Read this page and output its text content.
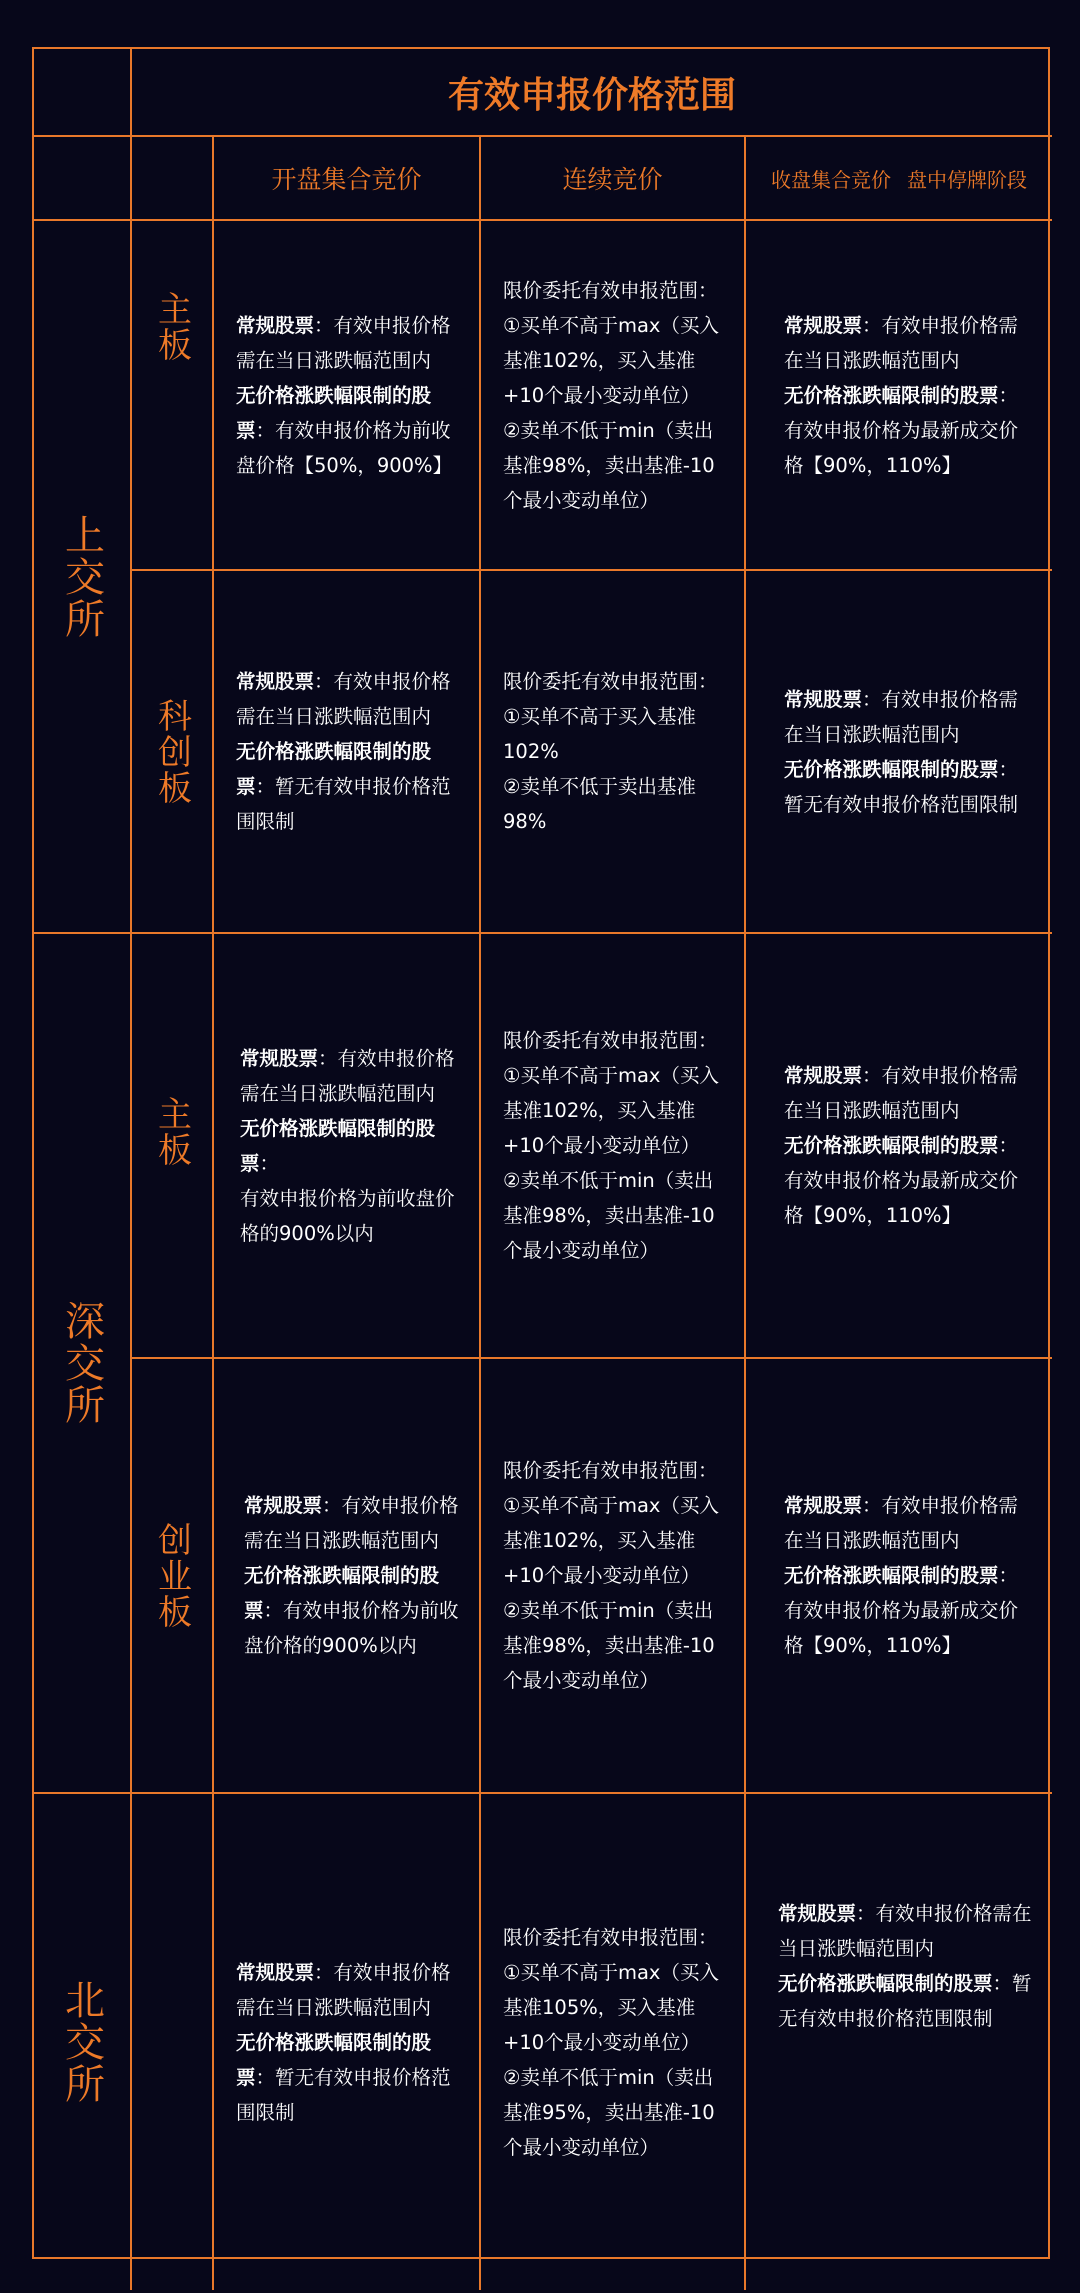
有效申报价格范围
开盘集合竞价	连续竞价	收盘集合竞价 盘中停牌阶段
上交所
深交所
北交所
主板
科创板
主板
创业板

常规股票：有效申报价格需在当日涨跌幅范围内

无价格涨跌幅限制的股票：有效申报价格为前收盘价格【50%，900%】

限价委托有效申报范围：

①买单不高于max（买入基准102%，买入基准+10个最小变动单位）

②卖单不低于min（卖出基准98%，卖出基准-10个最小变动单位）

常规股票：有效申报价格需在当日涨跌幅范围内

无价格涨跌幅限制的股票：有效申报价格为最新成交价格【90%，110%】

常规股票：有效申报价格需在当日涨跌幅范围内

无价格涨跌幅限制的股票：暂无有效申报价格范围限制

限价委托有效申报范围：

①买单不高于买入基准102%

②卖单不低于卖出基准98%

常规股票：有效申报价格需在当日涨跌幅范围内

无价格涨跌幅限制的股票：暂无有效申报价格范围限制

常规股票：有效申报价格需在当日涨跌幅范围内

无价格涨跌幅限制的股票：

有效申报价格为前收盘价格的900%以内

限价委托有效申报范围：

①买单不高于max（买入基准102%，买入基准+10个最小变动单位）

②卖单不低于min（卖出基准98%，卖出基准-10个最小变动单位）

常规股票：有效申报价格需在当日涨跌幅范围内

无价格涨跌幅限制的股票：有效申报价格为最新成交价格【90%，110%】

常规股票：有效申报价格需在当日涨跌幅范围内

无价格涨跌幅限制的股票：有效申报价格为前收盘价格的900%以内

限价委托有效申报范围：

①买单不高于max（买入基准102%，买入基准+10个最小变动单位）

②卖单不低于min（卖出基准98%，卖出基准-10个最小变动单位）

常规股票：有效申报价格需在当日涨跌幅范围内

无价格涨跌幅限制的股票：有效申报价格为最新成交价格【90%，110%】

常规股票：有效申报价格需在当日涨跌幅范围内

无价格涨跌幅限制的股票：暂无有效申报价格范围限制

限价委托有效申报范围：

①买单不高于max（买入基准105%，买入基准+10个最小变动单位）

②卖单不低于min（卖出基准95%，卖出基准-10个最小变动单位）

常规股票：有效申报价格需在当日涨跌幅范围内

无价格涨跌幅限制的股票：暂无有效申报价格范围限制
